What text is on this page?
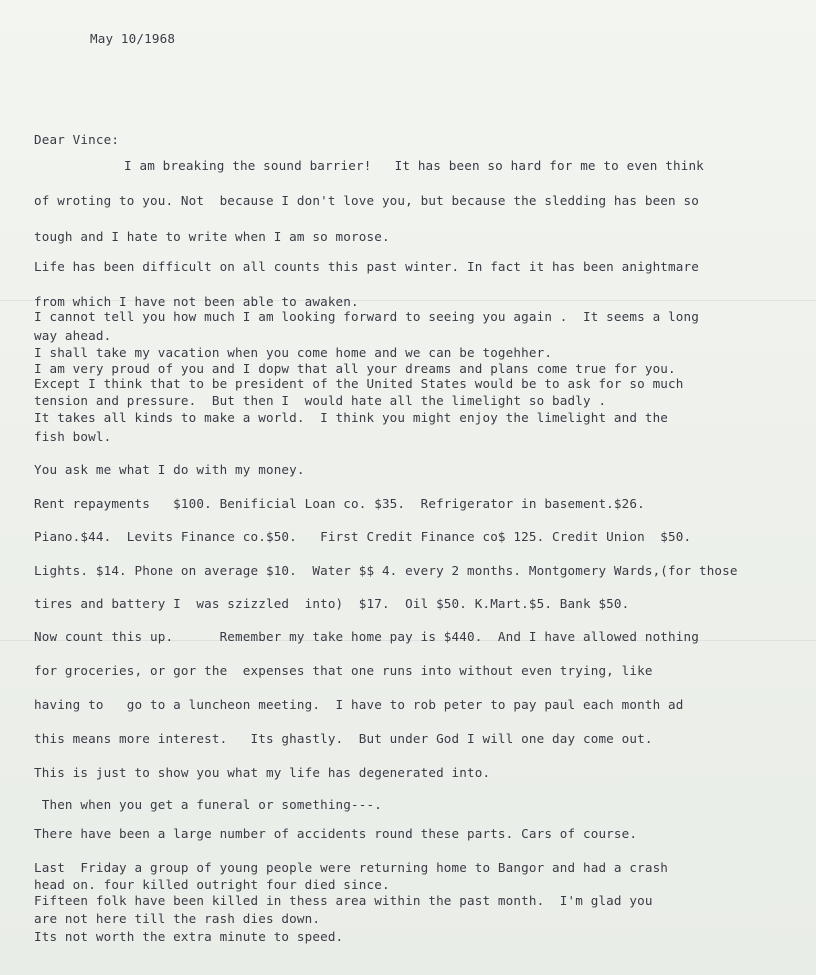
May 10/1968
Dear Vince:
I am breaking the sound barrier!   It has been so hard for me to even think
of wroting to you. Not  because I don't love you, but because the sledding has been so
tough and I hate to write when I am so morose.
Life has been difficult on all counts this past winter. In fact it has been anightmare
from which I have not been able to awaken.
I cannot tell you how much I am looking forward to seeing you again .  It seems a long
way ahead.
I shall take my vacation when you come home and we can be togehher.
I am very proud of you and I dopw that all your dreams and plans come true for you.
Except I think that to be president of the United States would be to ask for so much
tension and pressure.  But then I  would hate all the limelight so badly .
It takes all kinds to make a world.  I think you might enjoy the limelight and the
fish bowl.
You ask me what I do with my money.
Rent repayments   $100. Benificial Loan co. $35.  Refrigerator in basement.$26.
Piano.$44.  Levits Finance co.$50.   First Credit Finance co$ 125. Credit Union  $50.
Lights. $14. Phone on average $10.  Water $$ 4. every 2 months. Montgomery Wards,(for those
tires and battery I  was szizzled  into)  $17.  Oil $50. K.Mart.$5. Bank $50.
Now count this up.      Remember my take home pay is $440.  And I have allowed nothing
for groceries, or gor the  expenses that one runs into without even trying, like
having to   go to a luncheon meeting.  I have to rob peter to pay paul each month ad
this means more interest.   Its ghastly.  But under God I will one day come out.
This is just to show you what my life has degenerated into.
Then when you get a funeral or something---.
There have been a large number of accidents round these parts. Cars of course.
Last  Friday a group of young people were returning home to Bangor and had a crash
head on. four killed outright four died since.
Fifteen folk have been killed in thess area within the past month.  I'm glad you
are not here till the rash dies down.
Its not worth the extra minute to speed.
